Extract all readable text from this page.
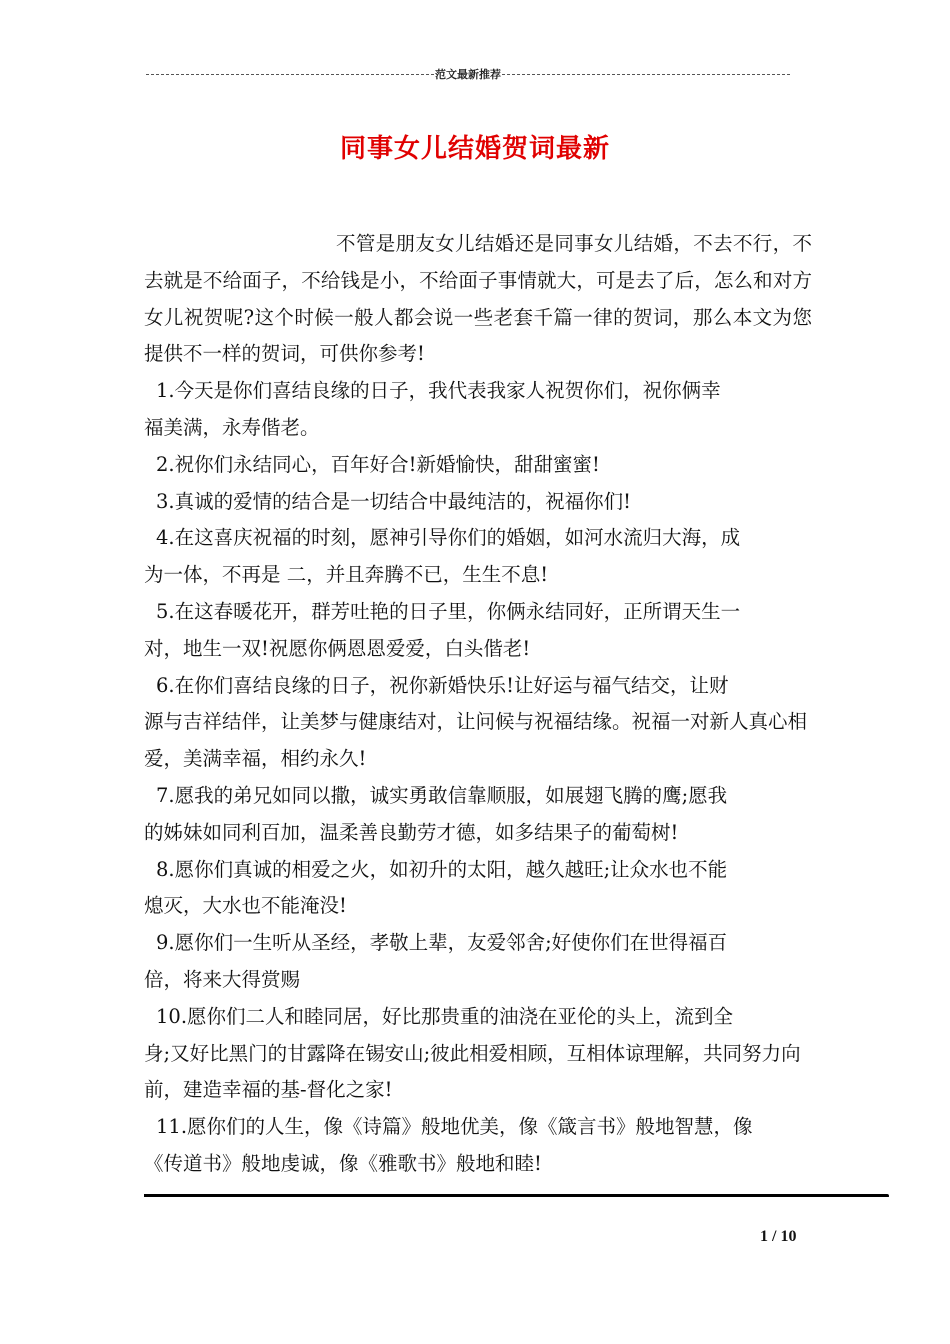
范文最新推荐
同事女儿结婚贺词最新

不管是朋友女儿结婚还是同事女儿结婚，不去不行，不去就是不给面子，不给钱是小，不给面子事情就大，可是去了后，怎么和对方女儿祝贺呢?这个时候一般人都会说一些老套千篇一律的贺词，那么本文为您提供不一样的贺词，可供你参考!

1.今天是你们喜结良缘的日子，我代表我家人祝贺你们，祝你俩幸
福美满，永寿偕老。

2.祝你们永结同心，百年好合!新婚愉快，甜甜蜜蜜!

3.真诚的爱情的结合是一切结合中最纯洁的，祝福你们!

4.在这喜庆祝福的时刻，愿神引导你们的婚姻，如河水流归大海，成
为一体，不再是 二，并且奔腾不已，生生不息!

5.在这春暖花开，群芳吐艳的日子里，你俩永结同好，正所谓天生一
对，地生一双!祝愿你俩恩恩爱爱，白头偕老!

6.在你们喜结良缘的日子，祝你新婚快乐!让好运与福气结交，让财
源与吉祥结伴，让美梦与健康结对，让问候与祝福结缘。祝福一对新人真心相爱，美满幸福，相约永久!

7.愿我的弟兄如同以撒，诚实勇敢信靠顺服，如展翅飞腾的鹰;愿我
的姊妹如同利百加，温柔善良勤劳才德，如多结果子的葡萄树!

8.愿你们真诚的相爱之火，如初升的太阳，越久越旺;让众水也不能
熄灭，大水也不能淹没!

9.愿你们一生听从圣经，孝敬上辈，友爱邻舍;好使你们在世得福百
倍，将来大得赏赐

10.愿你们二人和睦同居，好比那贵重的油浇在亚伦的头上，流到全
身;又好比黑门的甘露降在锡安山;彼此相爱相顾，互相体谅理解，共同努力向前，建造幸福的基-督化之家!

11.愿你们的人生，像《诗篇》般地优美，像《箴言书》般地智慧，像
《传道书》般地虔诚，像《雅歌书》般地和睦!

1 / 10
